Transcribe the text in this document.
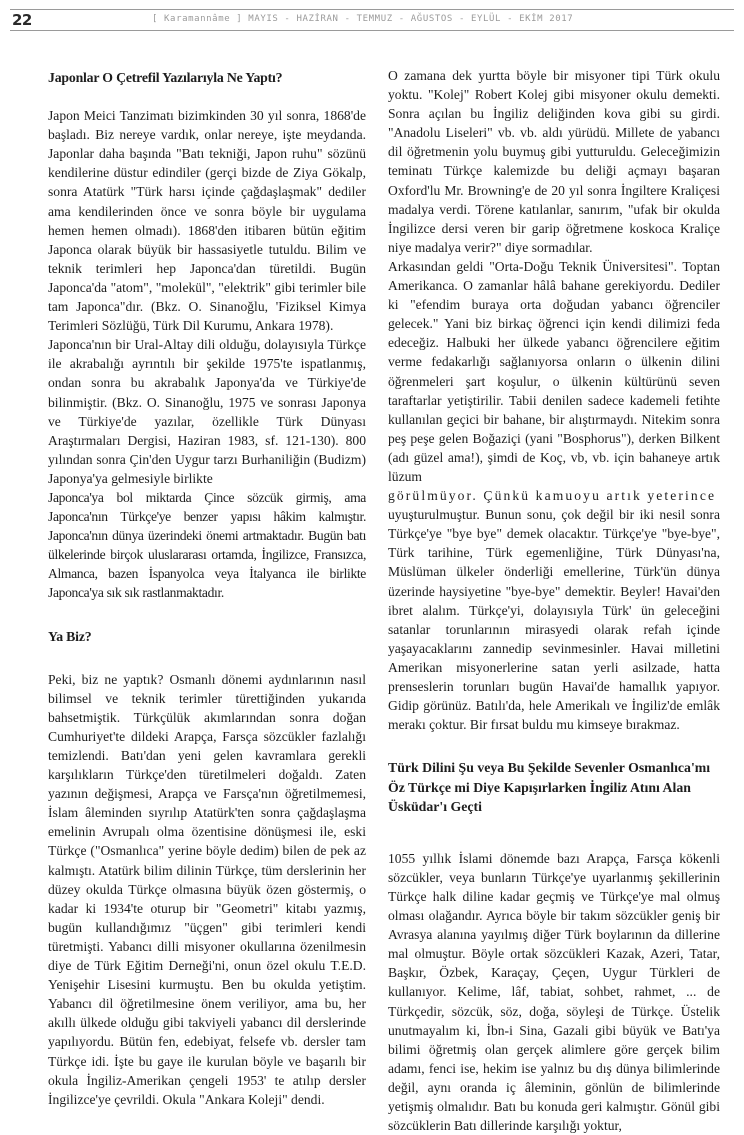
22	[ Karamannâme ] MAYIS - HAZİRAN - TEMMUZ - AĞUSTOS - EYLÜL - EKİM 2017

Japonlar O Çetrefil Yazılarıyla Ne Yaptı?

Japon Meici Tanzimatı bizimkinden 30 yıl sonra, 1868'de başladı. Biz nereye vardık, onlar nereye, işte meydanda. Japonlar daha başında "Batı tekniği, Japon ruhu" sözünü kendilerine düstur edindiler (gerçi bizde de Ziya Gökalp, sonra Atatürk "Türk harsı içinde çağdaşlaşmak" dediler ama kendilerinden önce ve sonra böyle bir uygulama hemen hemen olmadı). 1868'den itibaren bütün eğitim Japonca olarak büyük bir hassasiyetle tutuldu. Bilim ve teknik terimleri hep Japonca'dan türetildi. Bugün Japonca'da "atom", "molekül", "elektrik" gibi terimler bile tam Japonca"dır. (Bkz. O. Sinanoğlu, 'Fiziksel Kimya Terimleri Sözlüğü, Türk Dil Kurumu, Ankara 1978).

Japonca'nın bir Ural-Altay dili olduğu, dolayısıyla Türkçe ile akrabalığı ayrıntılı bir şekilde 1975'te ispatlanmış, ondan sonra bu akrabalık Japonya'da ve Türkiye'de bilinmiştir. (Bkz. O. Sinanoğlu, 1975 ve sonrası Japonya ve Türkiye'de yazılar, özellikle Türk Dünyası Araştırmaları Dergisi, Haziran 1983, sf. 121-130). 800 yılından sonra Çin'den Uygur tarzı Burhaniliğin (Budizm) Japonya'ya gelmesiyle birlikte

Japonca'ya bol miktarda Çince sözcük girmiş, ama Japonca'nın Türkçe'ye benzer yapısı hâkim kalmıştır. Japonca'nın dünya üzerindeki önemi artmaktadır. Bugün batı ülkelerinde birçok uluslararası ortamda, İngilizce, Fransızca, Almanca, bazen İspanyolca veya İtalyanca ile birlikte Japonca'ya sık sık rastlanmaktadır.

Ya Biz?

Peki, biz ne yaptık? Osmanlı dönemi aydınlarının nasıl bilimsel ve teknik terimler türettiğinden yukarıda bahsetmiştik. Türkçülük akımlarından sonra doğan Cumhuriyet'te dildeki Arapça, Farsça sözcükler fazlalığı temizlendi. Batı'dan yeni gelen kavramlara gerekli karşılıkların Türkçe'den türetilmeleri doğaldı. Zaten yazının değişmesi, Arapça ve Farsça'nın öğretilmemesi, İslam âleminden sıyrılıp Atatürk'ten sonra çağdaşlaşma emelinin Avrupalı olma özentisine dönüşmesi ile, eski Türkçe ("Osmanlıca" yerine böyle dedim) bilen de pek az kalmıştı. Atatürk bilim dilinin Türkçe, tüm derslerinin her düzey okulda Türkçe olmasına büyük özen göstermiş, o kadar ki 1934'te oturup bir "Geometri" kitabı yazmış, bugün kullandığımız "üçgen" gibi terimleri kendi türetmişti. Yabancı dilli misyoner okullarına özenilmesin diye de Türk Eğitim Derneği'ni, onun özel okulu T.E.D. Yenişehir Lisesini kurmuştu. Ben bu okulda yetiştim. Yabancı dil öğretilmesine önem veriliyor, ama bu, her akıllı ülkede olduğu gibi takviyeli yabancı dil derslerinde yapılıyordu. Bütün fen, edebiyat, felsefe vb. dersler tam Türkçe idi. İşte bu gaye ile kurulan böyle ve başarılı bir okula İngiliz-Amerikan çengeli 1953' te atılıp dersler İngilizce'ye çevrildi. Okula "Ankara Koleji" dendi.

O zamana dek yurtta böyle bir misyoner tipi Türk okulu yoktu. "Kolej" Robert Kolej gibi misyoner okulu demekti. Sonra açılan bu İngiliz deliğinden kova gibi su girdi. "Anadolu Liseleri" vb. vb. aldı yürüdü. Millete de yabancı dil öğretmenin yolu buymuş gibi yutturuldu. Geleceğimizin teminatı Türkçe kalemizde bu deliği açmayı başaran Oxford'lu Mr. Browning'e de 20 yıl sonra İngiltere Kraliçesi madalya verdi. Törene katılanlar, sanırım, "ufak bir okulda İngilizce dersi veren bir garip öğretmene koskoca Kraliçe niye madalya verir?" diye sormadılar.

Arkasından geldi "Orta-Doğu Teknik Üniversitesi". Toptan Amerikanca. O zamanlar hâlâ bahane gerekiyordu. Dediler ki "efendim buraya orta doğudan yabancı öğrenciler gelecek." Yani biz birkaç öğrenci için kendi dilimizi feda edeceğiz. Halbuki her ülkede yabancı öğrencilere eğitim verme fedakarlığı sağlanıyorsa onların o ülkenin dilini öğrenmeleri şart koşulur, o ülkenin kültürünü seven taraftarlar yetiştirilir. Tabii denilen sadece kademeli fetihte kullanılan geçici bir bahane, bir alıştırmaydı. Nitekim sonra peş peşe gelen Boğaziçi (yani "Bosphorus"), derken Bilkent (adı güzel ama!), şimdi de Koç, vb, vb. için bahaneye artık lüzum

görülmüyor. Çünkü kamuoyu artık yeterince

uyuşturulmuştur. Bunun sonu, çok değil bir iki nesil sonra Türkçe'ye "bye bye" demek olacaktır. Türkçe'ye "bye-bye", Türk tarihine, Türk egemenliğine, Türk Dünyası'na, Müslüman ülkeler önderliği emellerine, Türk'ün dünya üzerinde haysiyetine "bye-bye" demektir. Beyler! Havai'den ibret alalım. Türkçe'yi, dolayısıyla Türk' ün geleceğini satanlar torunlarının mirasyedi olarak refah içinde yaşayacaklarını zannedip sevinmesinler. Havai milletini Amerikan misyonerlerine satan yerli asilzade, hatta prenseslerin torunları bugün Havai'de hamallık yapıyor. Gidip görünüz. Batılı'da, hele Amerikalı ve İngiliz'de emlâk merakı çoktur. Bir fırsat buldu mu kimseye bırakmaz.

Türk Dilini Şu veya Bu Şekilde Sevenler Osmanlıca'mı Öz Türkçe mi Diye Kapışırlarken İngiliz Atını Alan Üsküdar'ı Geçti

1055 yıllık İslami dönemde bazı Arapça, Farsça kökenli sözcükler, veya bunların Türkçe'ye uyarlanmış şekillerinin Türkçe halk diline kadar geçmiş ve Türkçe'ye mal olmuş olması olağandır. Ayrıca böyle bir takım sözcükler geniş bir Avrasya alanına yayılmış diğer Türk boylarının da dillerine mal olmuştur. Böyle ortak sözcükleri Kazak, Azeri, Tatar, Başkır, Özbek, Karaçay, Çeçen, Uygur Türkleri de kullanıyor. Kelime, lâf, tabiat, sohbet, rahmet, ... de Türkçedir, sözcük, söz, doğa, söyleşi de Türkçe. Üstelik unutmayalım ki, İbn-i Sina, Gazali gibi büyük ve Batı'ya bilimi öğretmiş olan gerçek alimlere göre gerçek bilim adamı, fenci ise, hekim ise yalnız bu dış dünya bilimlerinde değil, aynı oranda iç âleminin, gönlün de bilimlerinde yetişmiş olmalıdır. Batı bu konuda geri kalmıştır. Gönül gibi sözcüklerin Batı dillerinde karşılığı yoktur,
